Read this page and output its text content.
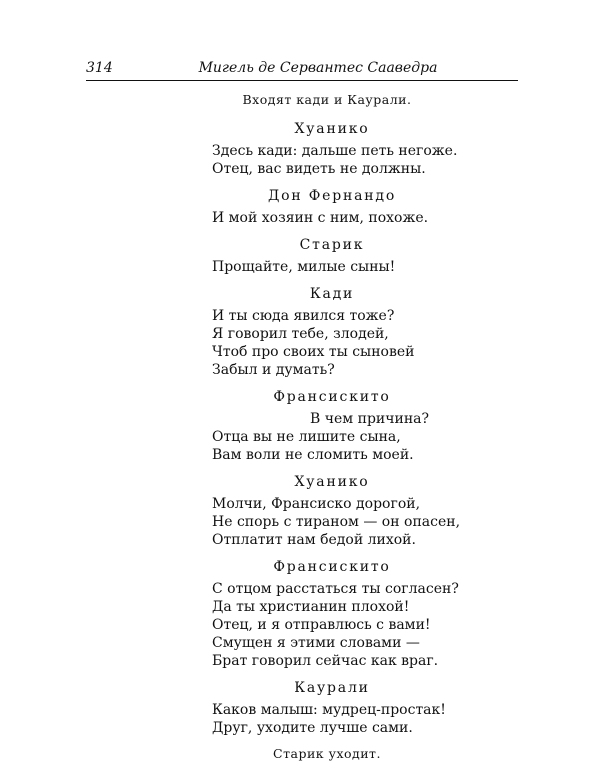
314	Мигель де Сервантес Сааведра
Входят кади и Каурали.
Хуанико
Здесь кади: дальше петь негоже.
Отец, вас видеть не должны.
Дон Фернандо
И мой хозяин с ним, похоже.
Старик
Прощайте, милые сыны!
Кади
И ты сюда явился тоже?
Я говорил тебе, злодей,
Чтоб про своих ты сыновей
Забыл и думать?
Франсискито
В чем причина?
Отца вы не лишите сына,
Вам воли не сломить моей.
Хуанико
Молчи, Франсиско дорогой,
Не спорь с тираном — он опасен,
Отплатит нам бедой лихой.
Франсискито
С отцом расстаться ты согласен?
Да ты христианин плохой!
Отец, и я отправлюсь с вами!
Смущен я этими словами —
Брат говорил сейчас как враг.
Каурали
Каков малыш: мудрец-простак!
Друг, уходите лучше сами.
Старик уходит.
